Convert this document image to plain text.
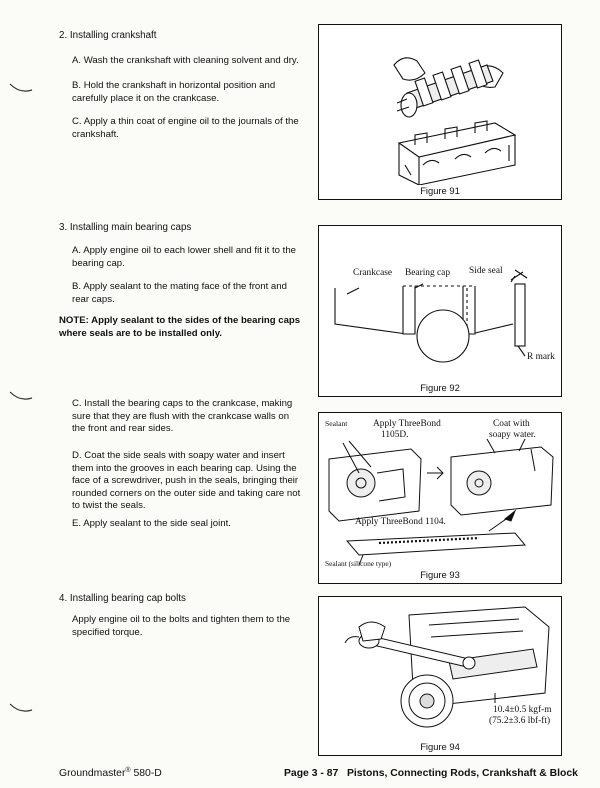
2. Installing crankshaft
A. Wash the crankshaft with cleaning solvent and dry.
B. Hold the crankshaft in horizontal position and carefully place it on the crankcase.
C. Apply a thin coat of engine oil to the journals of the crankshaft.
3. Installing main bearing caps
A. Apply engine oil to each lower shell and fit it to the bearing cap.
B. Apply sealant to the mating face of the front and rear caps.
NOTE: Apply sealant to the sides of the bearing caps where seals are to be installed only.
C. Install the bearing caps to the crankcase, making sure that they are flush with the crankcase walls on the front and rear sides.
D. Coat the side seals with soapy water and insert them into the grooves in each bearing cap. Using the face of a screwdriver, push in the seals, bringing their rounded corners on the outer side and taking care not to twist the seals.
E. Apply sealant to the side seal joint.
4. Installing bearing cap bolts
Apply engine oil to the bolts and tighten them to the specified torque.
Figure 91
Crankcase Bearing cap Side seal
R mark
Figure 92
Sealant	Apply ThreeBond
1105D.
Coat with
soapy water.
Apply ThreeBond 1104.
Sealant (silicone type)
Figure 93
10.4±0.5 kgf-m
(75.2±3.6 lbf-ft)
Figure 94
Groundmaster® 580-D	Page 3 - 87   Pistons, Connecting Rods, Crankshaft & Block
